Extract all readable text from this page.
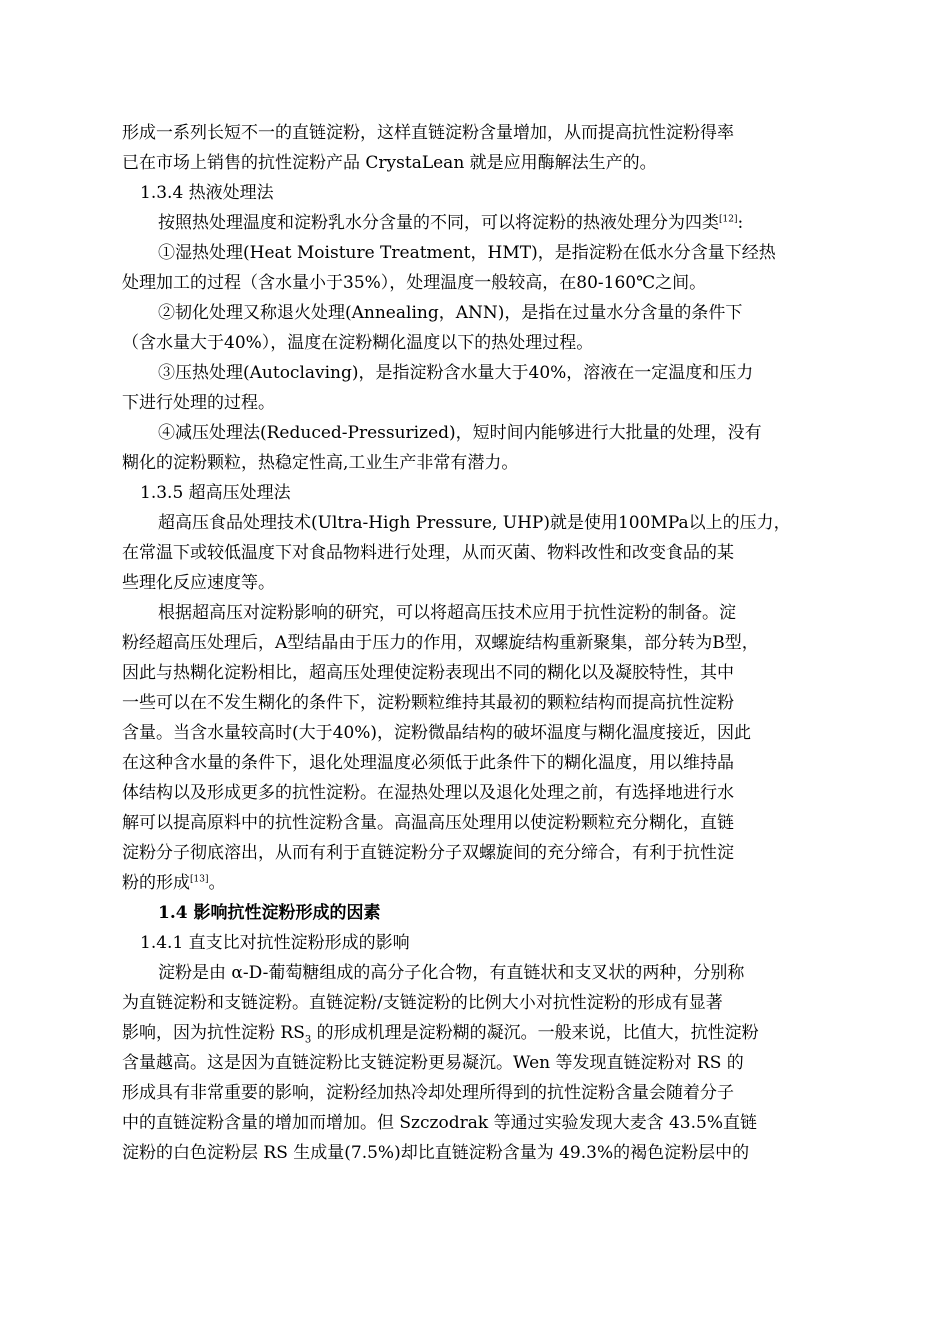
形成一系列长短不一的直链淀粉，这样直链淀粉含量增加，从而提高抗性淀粉得率
已在市场上销售的抗性淀粉产品 CrystaLean 就是应用酶解法生产的。
1.3.4 热液处理法
按照热处理温度和淀粉乳水分含量的不同，可以将淀粉的热液处理分为四类[12]:
①湿热处理(Heat Moisture Treatment，HMT)，是指淀粉在低水分含量下经热
处理加工的过程（含水量小于35%），处理温度一般较高，在80-160℃之间。
②韧化处理又称退火处理(Annealing，ANN)，是指在过量水分含量的条件下
（含水量大于40%），温度在淀粉糊化温度以下的热处理过程。
③压热处理(Autoclaving)，是指淀粉含水量大于40%，溶液在一定温度和压力
下进行处理的过程。
④减压处理法(Reduced-Pressurized)，短时间内能够进行大批量的处理，没有
糊化的淀粉颗粒，热稳定性高,工业生产非常有潜力。
1.3.5 超高压处理法
超高压食品处理技术(Ultra-High Pressure, UHP)就是使用100MPa以上的压力，
在常温下或较低温度下对食品物料进行处理，从而灭菌、物料改性和改变食品的某
些理化反应速度等。
根据超高压对淀粉影响的研究，可以将超高压技术应用于抗性淀粉的制备。淀
粉经超高压处理后，A型结晶由于压力的作用，双螺旋结构重新聚集，部分转为B型，
因此与热糊化淀粉相比，超高压处理使淀粉表现出不同的糊化以及凝胶特性，其中
一些可以在不发生糊化的条件下，淀粉颗粒维持其最初的颗粒结构而提高抗性淀粉
含量。当含水量较高时(大于40%)，淀粉微晶结构的破坏温度与糊化温度接近，因此
在这种含水量的条件下，退化处理温度必须低于此条件下的糊化温度，用以维持晶
体结构以及形成更多的抗性淀粉。在湿热处理以及退化处理之前，有选择地进行水
解可以提高原料中的抗性淀粉含量。高温高压处理用以使淀粉颗粒充分糊化，直链
淀粉分子彻底溶出，从而有利于直链淀粉分子双螺旋间的充分缔合，有利于抗性淀
粉的形成[13]。
1.4 影响抗性淀粉形成的因素
1.4.1 直支比对抗性淀粉形成的影响
淀粉是由 α-D-葡萄糖组成的高分子化合物，有直链状和支叉状的两种，分别称
为直链淀粉和支链淀粉。直链淀粉/支链淀粉的比例大小对抗性淀粉的形成有显著
影响，因为抗性淀粉 $RS_3$ 的形成机理是淀粉糊的凝沉。一般来说，比值大，抗性淀粉
含量越高。这是因为直链淀粉比支链淀粉更易凝沉。Wen 等发现直链淀粉对 RS 的
形成具有非常重要的影响，淀粉经加热冷却处理所得到的抗性淀粉含量会随着分子
中的直链淀粉含量的增加而增加。但 Szczodrak 等通过实验发现大麦含 43.5%直链
淀粉的白色淀粉层 RS 生成量(7.5%)却比直链淀粉含量为 49.3%的褐色淀粉层中的
